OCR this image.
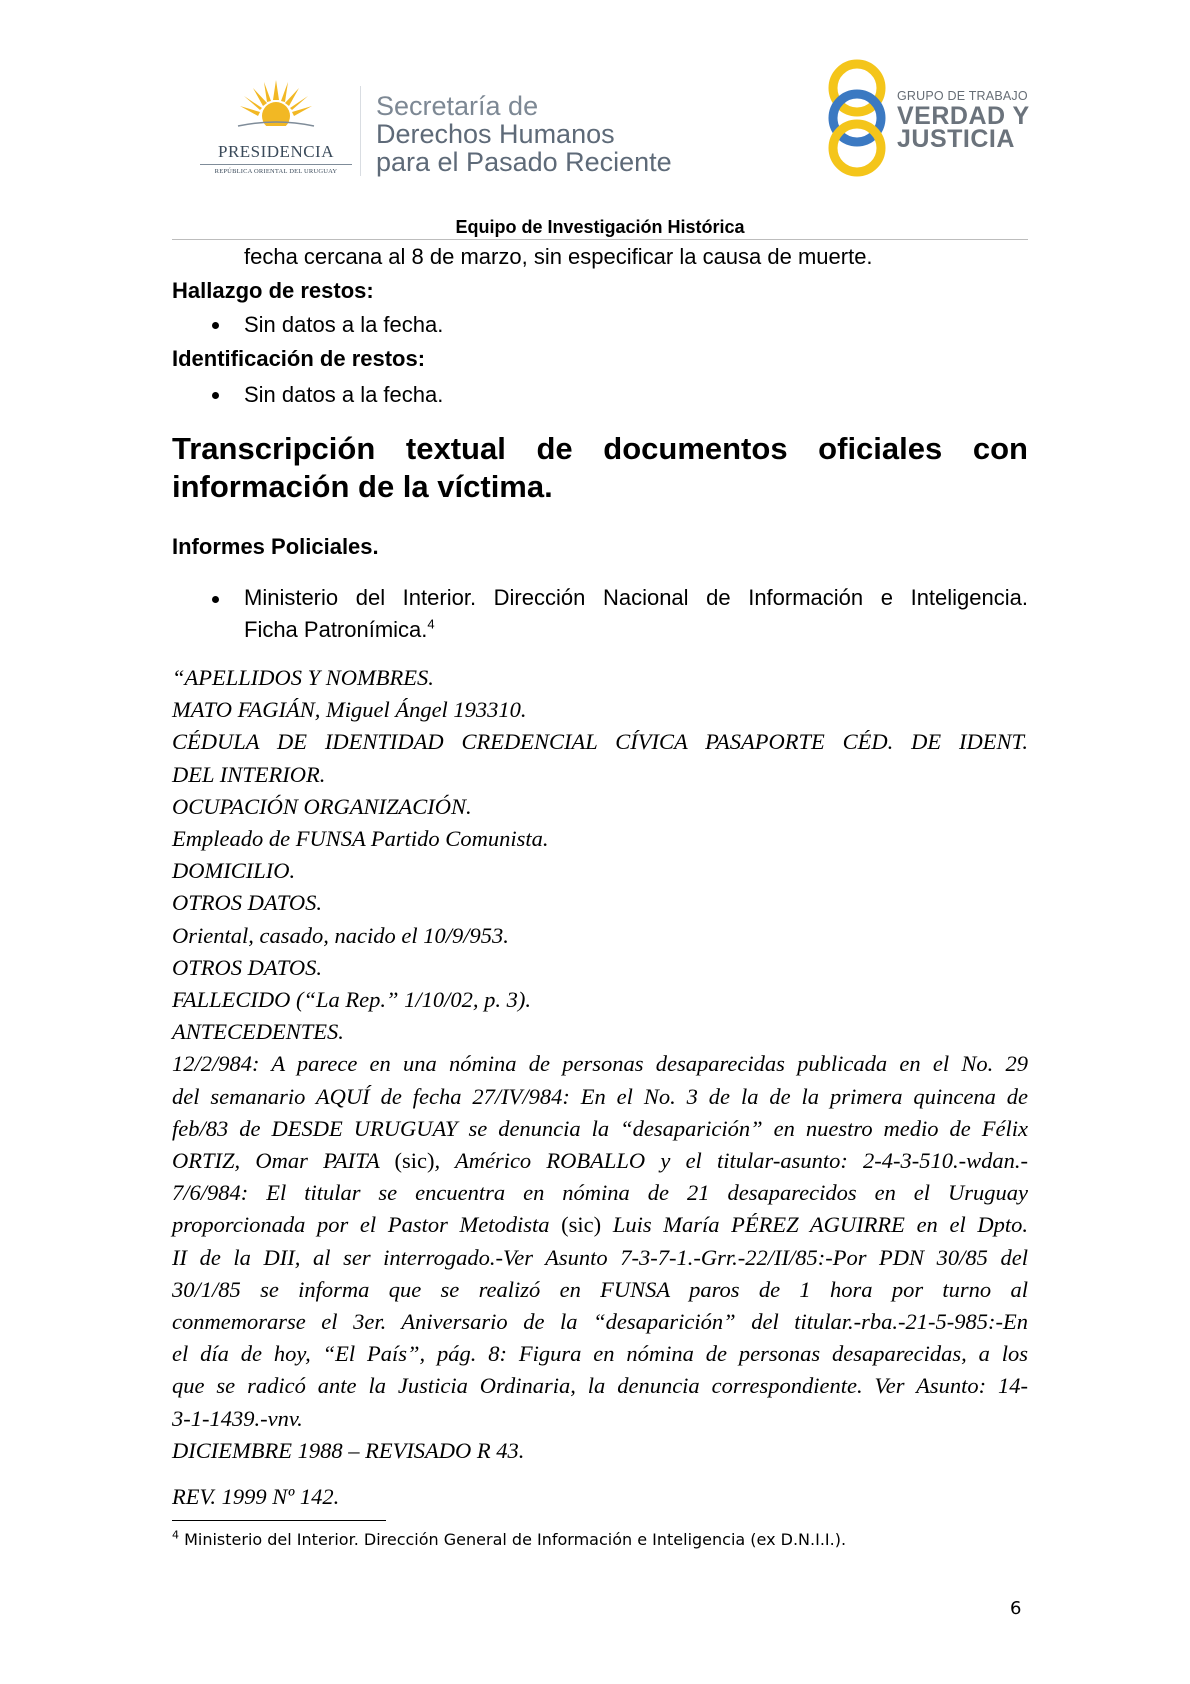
PRESIDENCIA
REPÚBLICA ORIENTAL DEL URUGUAY
Secretaría de
Derechos Humanos
para el Pasado Reciente
GRUPO DE TRABAJO
VERDAD Y
JUSTICIA
Equipo de Investigación Histórica
fecha cercana al 8 de marzo, sin especificar la causa de muerte.
Hallazgo de restos:
Sin datos a la fecha.
Identificación de restos:
Sin datos a la fecha.
Transcripción textual de documentos oficiales con
información de la víctima.
Informes Policiales.
Ministerio del Interior. Dirección Nacional de Información e Inteligencia.
Ficha Patronímica.$^4$
“APELLIDOS Y NOMBRES.
MATO FAGIÁN, Miguel Ángel 193310.
CÉDULA DE IDENTIDAD CREDENCIAL CÍVICA PASAPORTE CÉD. DE IDENT.
DEL INTERIOR.
OCUPACIÓN ORGANIZACIÓN.
Empleado de FUNSA Partido Comunista.
DOMICILIO.
OTROS DATOS.
Oriental, casado, nacido el 10/9/953.
OTROS DATOS.
FALLECIDO (“La Rep.” 1/10/02, p. 3).
ANTECEDENTES.
12/2/984: A parece en una nómina de personas desaparecidas publicada en el No. 29
del semanario AQUÍ de fecha 27/IV/984: En el No. 3 de la de la primera quincena de
feb/83 de DESDE URUGUAY se denuncia la “desaparición” en nuestro medio de Félix
ORTIZ, Omar PAITA (sic), Américo ROBALLO y el titular-asunto: 2-4-3-510.-wdan.-
7/6/984: El titular se encuentra en nómina de 21 desaparecidos en el Uruguay
proporcionada por el Pastor Metodista (sic) Luis María PÉREZ AGUIRRE en el Dpto.
II de la DII, al ser interrogado.-Ver Asunto 7-3-7-1.-Grr.-22/II/85:-Por PDN 30/85 del
30/1/85 se informa que se realizó en FUNSA paros de 1 hora por turno al
conmemorarse el 3er. Aniversario de la “desaparición” del titular.-rba.-21-5-985:-En
el día de hoy, “El País”, pág. 8: Figura en nómina de personas desaparecidas, a los
que se radicó ante la Justicia Ordinaria, la denuncia correspondiente. Ver Asunto: 14-
3-1-1439.-vnv.
DICIEMBRE 1988 – REVISADO R 43.
REV. 1999 Nº 142.
$^4$ Ministerio del Interior. Dirección General de Información e Inteligencia (ex D.N.I.I.).
6
